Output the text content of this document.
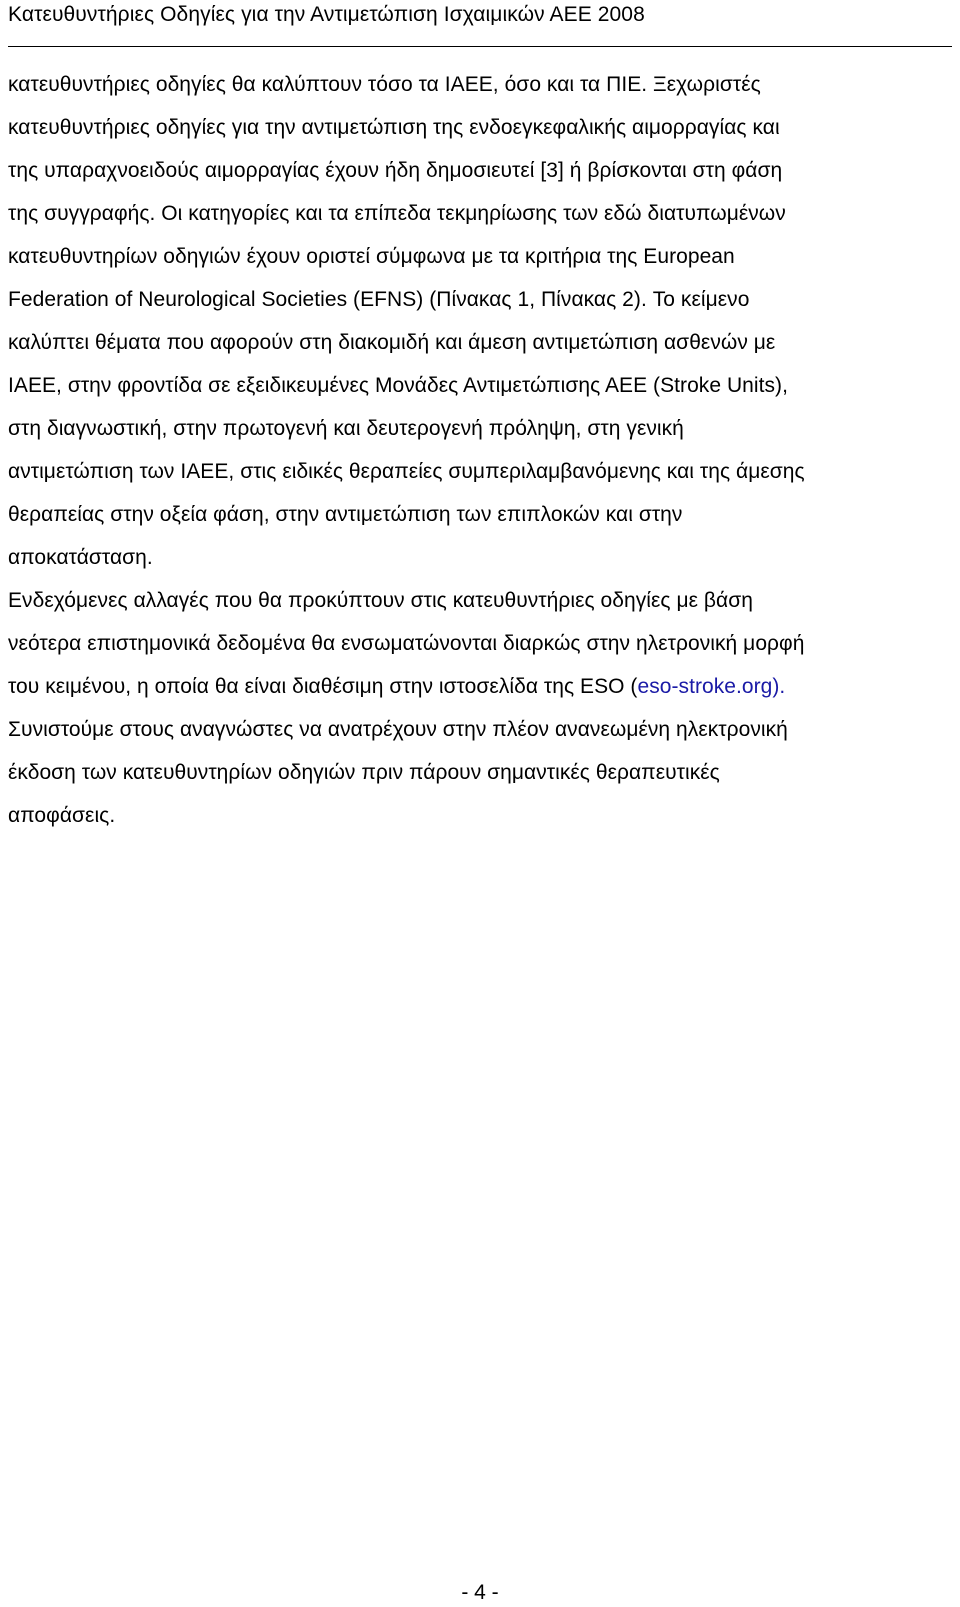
Κατευθυντήριες Οδηγίες για την Αντιμετώπιση Ισχαιμικών ΑΕΕ 2008
κατευθυντήριες οδηγίες θα καλύπτουν τόσο τα ΙΑΕΕ, όσο και τα ΠΙΕ. Ξεχωριστές
κατευθυντήριες οδηγίες για την αντιμετώπιση της ενδοεγκεφαλικής αιμορραγίας και
της υπαραχνοειδούς αιμορραγίας έχουν ήδη δημοσιευτεί [3] ή βρίσκονται στη φάση
της συγγραφής. Οι κατηγορίες και τα επίπεδα τεκμηρίωσης των εδώ διατυπωμένων
κατευθυντηρίων οδηγιών έχουν οριστεί σύμφωνα με τα κριτήρια της European
Federation of Neurological Societies (EFNS) (Πίνακας 1, Πίνακας 2). Το κείμενο
καλύπτει θέματα που αφορούν στη διακομιδή και άμεση αντιμετώπιση ασθενών με
ΙΑΕΕ, στην φροντίδα σε εξειδικευμένες Μονάδες Αντιμετώπισης ΑΕΕ (Stroke Units),
στη διαγνωστική, στην πρωτογενή και δευτερογενή πρόληψη, στη γενική
αντιμετώπιση των ΙΑΕΕ, στις ειδικές θεραπείες συμπεριλαμβανόμενης και της άμεσης
θεραπείας στην οξεία φάση, στην αντιμετώπιση των επιπλοκών και στην
αποκατάσταση.
Ενδεχόμενες αλλαγές που θα προκύπτουν στις κατευθυντήριες οδηγίες με βάση
νεότερα επιστημονικά δεδομένα θα ενσωματώνονται διαρκώς στην ηλετρονική μορφή
του κειμένου, η οποία θα είναι διαθέσιμη στην ιστοσελίδα της ESO (eso-stroke.org).
Συνιστούμε στους αναγνώστες να ανατρέχουν στην πλέον ανανεωμένη ηλεκτρονική
έκδοση των κατευθυντηρίων οδηγιών πριν πάρουν σημαντικές θεραπευτικές
αποφάσεις.
- 4 -
